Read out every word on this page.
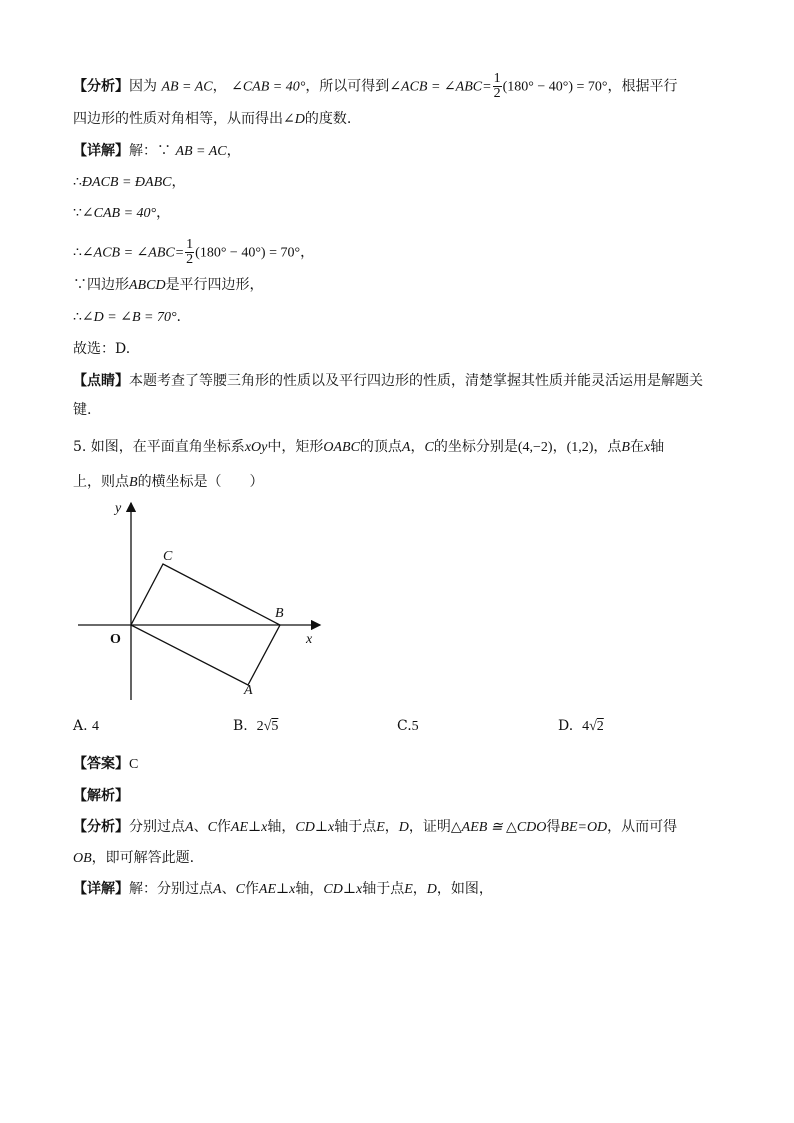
【分析】因为 AB = AC， ∠CAB = 40°，所以可得到∠ACB = ∠ABC= $\frac{1}{2} (180^\circ - 40^\circ) = 70^\circ$，根据平行
四边形的性质对角相等，从而得出∠D的度数.
【详解】解：∵ AB = AC，
∴ĐACB = ĐABC，
∵∠CAB = 40°，
∴∠ACB = ∠ABC= $\frac{1}{2} (180^\circ - 40^\circ) = 70^\circ$，
∵四边形ABCD是平行四边形，
∴∠D = ∠B = 70°.
故选：D.
【点睛】本题考查了等腰三角形的性质以及平行四边形的性质，清楚掌握其性质并能灵活运用是解题关
键.
5. 如图，在平面直角坐标系xOy中，矩形OABC的顶点A，C的坐标分别是(4,−2)，(1,2)，点B在x轴
上，则点B的横坐标是（　　）
y
x
O
A
B
C
A. 4	B. 2√5	C.5	D. 4√2
【答案】C
【解析】
【分析】分别过点A、C作AE⊥x轴，CD⊥x轴于点E，D，证明△AEB ≅ △CDO得BE=OD，从而可得
OB，即可解答此题.
【详解】解：分别过点A、C作AE⊥x轴，CD⊥x轴于点E，D，如图，
